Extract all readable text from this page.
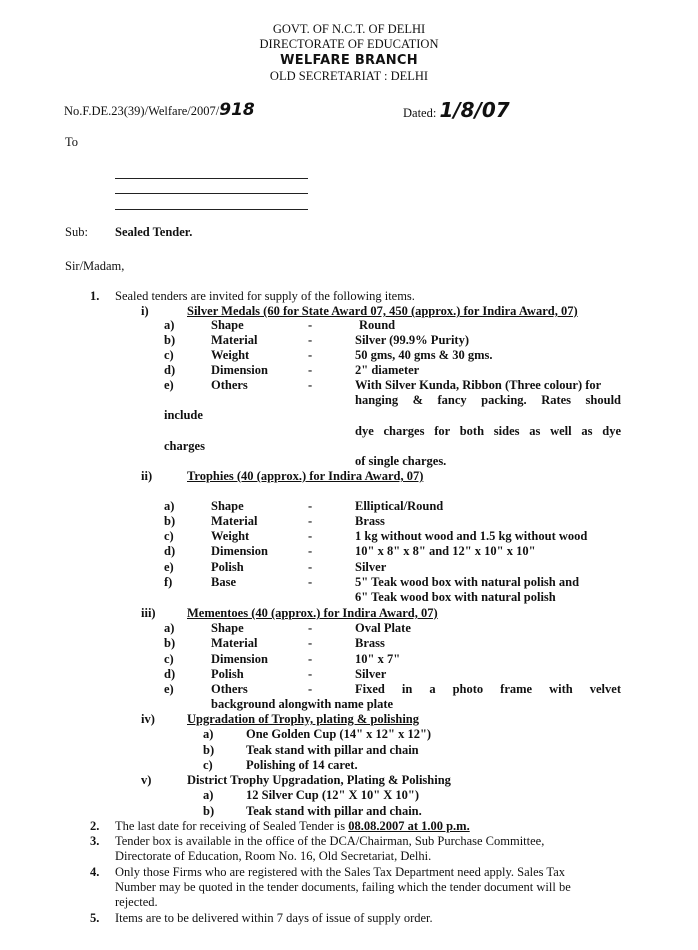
GOVT. OF N.C.T. OF DELHI
DIRECTORATE OF EDUCATION
WELFARE BRANCH
OLD SECRETARIAT : DELHI
No.F.DE.23(39)/Welfare/2007/918	Dated: 1/8/07
To
Sub: Sealed Tender.
Sir/Madam,
1. Sealed tenders are invited for supply of the following items.
i)	Silver Medals (60 for State Award 07, 450 (approx.) for Indira Award, 07)
a)	Shape	-	Round
b)	Material	-	Silver (99.9% Purity)
c)	Weight	-	50 gms, 40 gms & 30 gms.
d)	Dimension	-	2" diameter
e)	Others	-	With Silver Kunda, Ribbon (Three colour) for
hanging & fancy packing. Rates should
include
dye charges for both sides as well as dye
charges
of single charges.
ii)	Trophies (40 (approx.) for Indira Award, 07)
a)	Shape	-	Elliptical/Round
b)	Material	-	Brass
c)	Weight	-	1 kg without wood and 1.5 kg without wood
d)	Dimension	-	10" x 8" x 8" and 12" x 10" x 10"
e)	Polish	-	Silver
f)	Base	-	5" Teak wood box with natural polish and
6" Teak wood box with natural polish
iii)	Mementoes (40 (approx.) for Indira Award, 07)
a)	Shape	-	Oval Plate
b)	Material	-	Brass
c)	Dimension	-	10" x 7"
d)	Polish	-	Silver
e)	Others	-	Fixed in a photo frame with velvet
background alongwith name plate
iv)	Upgradation of Trophy, plating & polishing
a)	One Golden Cup (14" x 12" x 12")
b)	Teak stand with pillar and chain
c)	Polishing of 14 caret.
v)	District Trophy Upgradation, Plating & Polishing
a)	12 Silver Cup (12" X 10" X 10")
b)	Teak stand with pillar and chain.
2. The last date for receiving of Sealed Tender is 08.08.2007 at 1.00 p.m.
3. Tender box is available in the office of the DCA/Chairman, Sub Purchase Committee,
Directorate of Education, Room No. 16, Old Secretariat, Delhi.
4. Only those Firms who are registered with the Sales Tax Department need apply. Sales Tax
Number may be quoted in the tender documents, failing which the tender document will be
rejected.
5. Items are to be delivered within 7 days of issue of supply order.
